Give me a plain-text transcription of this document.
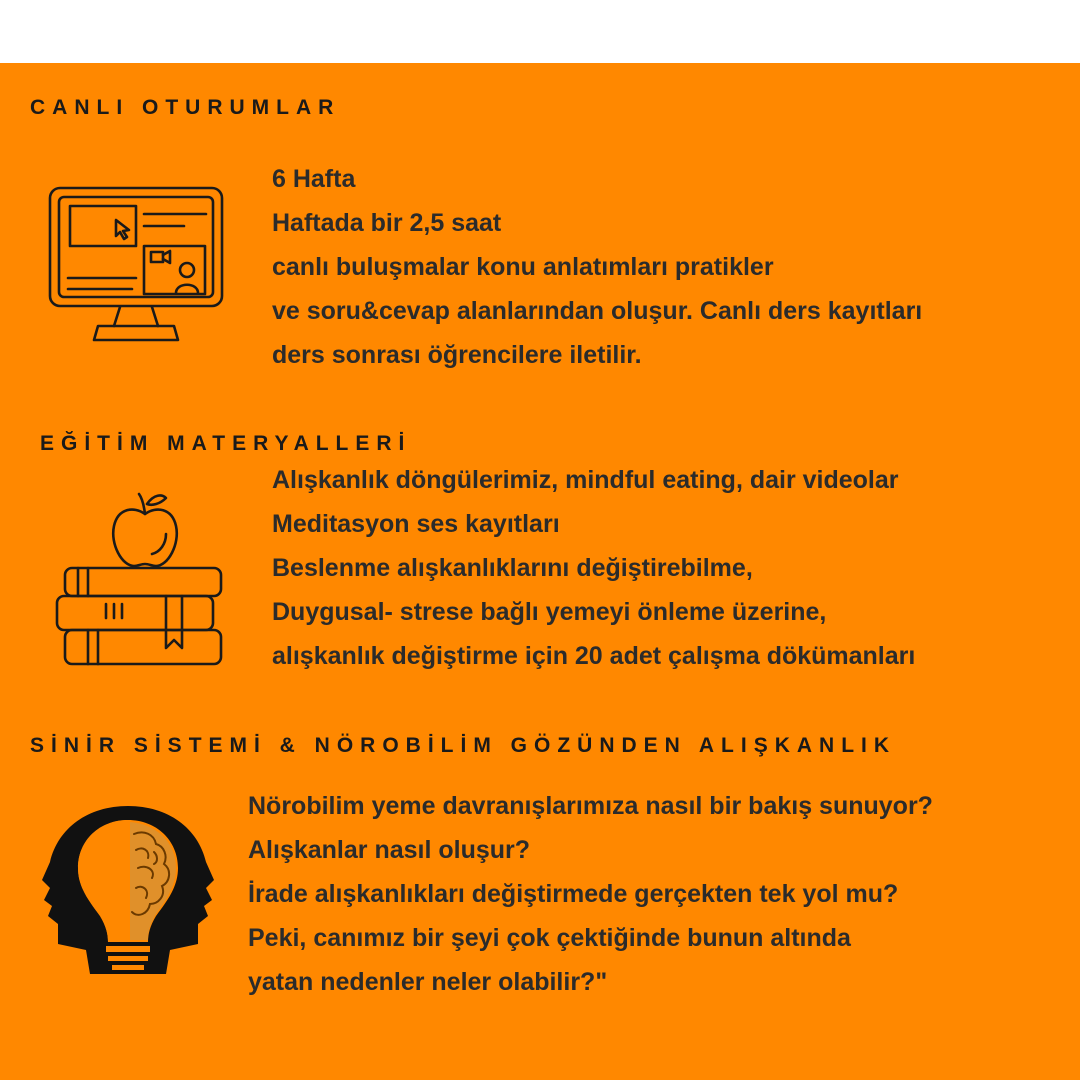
CANLI OTURUMLAR
6 Hafta
Haftada bir 2,5 saat
canlı buluşmalar konu anlatımları pratikler
ve soru&cevap alanlarından oluşur. Canlı ders kayıtları
ders sonrası öğrencilere iletilir.
EĞİTİM MATERYALLERİ
Alışkanlık döngülerimiz, mindful eating, dair videolar
Meditasyon ses kayıtları
Beslenme alışkanlıklarını değiştirebilme,
Duygusal- strese bağlı yemeyi önleme üzerine,
alışkanlık değiştirme için 20 adet çalışma dökümanları
SİNİR SİSTEMİ & NÖROBİLİM GÖZÜNDEN ALIŞKANLIK
Nörobilim yeme davranışlarımıza nasıl bir bakış sunuyor?
Alışkanlar nasıl oluşur?
İrade alışkanlıkları değiştirmede gerçekten tek yol mu?
Peki, canımız bir şeyi çok çektiğinde bunun altında
yatan nedenler neler olabilir?"
